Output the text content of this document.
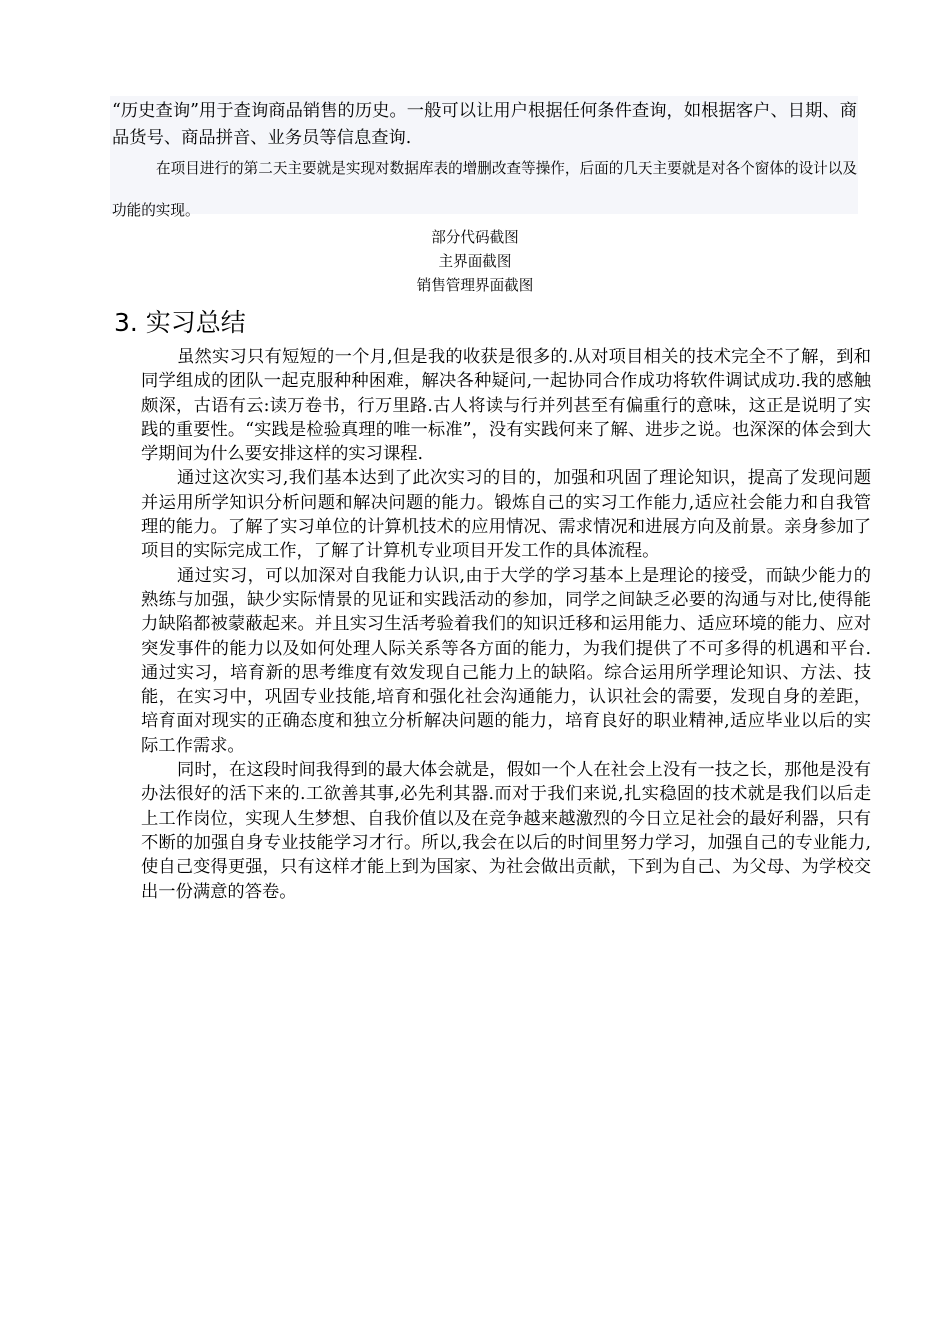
“历史查询”用于查询商品销售的历史。一般可以让用户根据任何条件查询，如根据客户、日期、商品货号、商品拼音、业务员等信息查询.
在项目进行的第二天主要就是实现对数据库表的增删改查等操作，后面的几天主要就是对各个窗体的设计以及功能的实现。
部分代码截图
主界面截图
销售管理界面截图
3. 实习总结

虽然实习只有短短的一个月,但是我的收获是很多的.从对项目相关的技术完全不了解，到和同学组成的团队一起克服种种困难，解决各种疑问,一起协同合作成功将软件调试成功.我的感触颇深，古语有云:读万卷书，行万里路.古人将读与行并列甚至有偏重行的意味，这正是说明了实践的重要性。“实践是检验真理的唯一标准”，没有实践何来了解、进步之说。也深深的体会到大学期间为什么要安排这样的实习课程.

通过这次实习,我们基本达到了此次实习的目的，加强和巩固了理论知识，提高了发现问题并运用所学知识分析问题和解决问题的能力。锻炼自己的实习工作能力,适应社会能力和自我管理的能力。了解了实习单位的计算机技术的应用情况、需求情况和进展方向及前景。亲身参加了项目的实际完成工作，了解了计算机专业项目开发工作的具体流程。

通过实习，可以加深对自我能力认识,由于大学的学习基本上是理论的接受，而缺少能力的熟练与加强，缺少实际情景的见证和实践活动的参加，同学之间缺乏必要的沟通与对比,使得能力缺陷都被蒙蔽起来。并且实习生活考验着我们的知识迁移和运用能力、适应环境的能力、应对突发事件的能力以及如何处理人际关系等各方面的能力，为我们提供了不可多得的机遇和平台.通过实习，培育新的思考维度有效发现自己能力上的缺陷。综合运用所学理论知识、方法、技能，在实习中，巩固专业技能,培育和强化社会沟通能力，认识社会的需要，发现自身的差距，培育面对现实的正确态度和独立分析解决问题的能力，培育良好的职业精神,适应毕业以后的实际工作需求。

同时，在这段时间我得到的最大体会就是，假如一个人在社会上没有一技之长，那他是没有办法很好的活下来的.工欲善其事,必先利其器.而对于我们来说,扎实稳固的技术就是我们以后走上工作岗位，实现人生梦想、自我价值以及在竞争越来越激烈的今日立足社会的最好利器，只有不断的加强自身专业技能学习才行。所以,我会在以后的时间里努力学习，加强自己的专业能力,使自己变得更强，只有这样才能上到为国家、为社会做出贡献，下到为自己、为父母、为学校交出一份满意的答卷。
